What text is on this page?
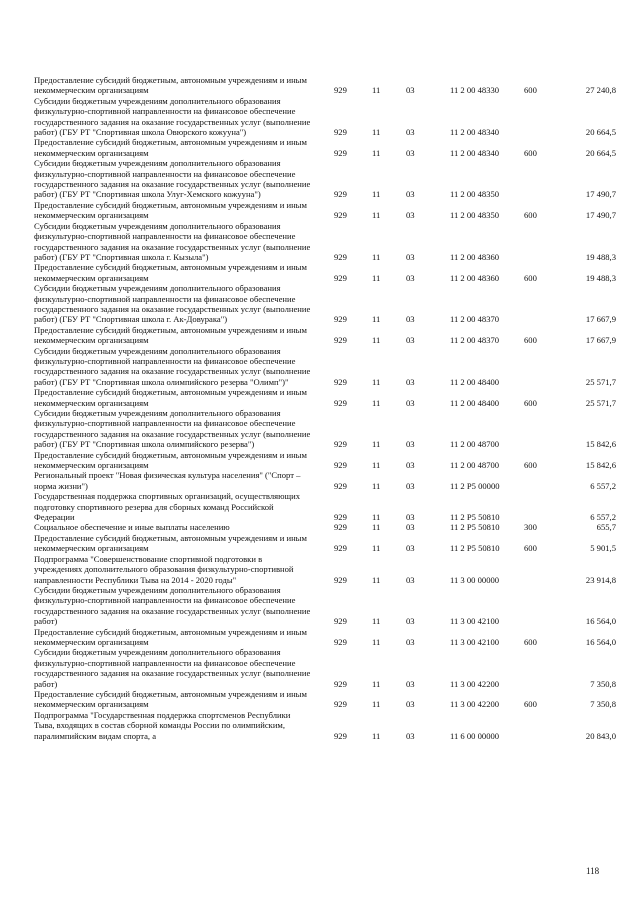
Предоставление субсидий бюджетным, автономным учреждениям и иным некоммерческим организациям	929	11	03	11 2 00 48330	600	27 240,8
Субсидии бюджетным учреждениям дополнительного образования физкультурно-спортивной направленности на финансовое обеспечение государственного задания на оказание государственных услуг (выполнение работ) (ГБУ РТ "Спортивная школа Овюрского кожууна")	929	11	03	11 2 00 48340		20 664,5
Предоставление субсидий бюджетным, автономным учреждениям и иным некоммерческим организациям	929	11	03	11 2 00 48340	600	20 664,5
Субсидии бюджетным учреждениям дополнительного образования физкультурно-спортивной направленности на финансовое обеспечение государственного задания на оказание государственных услуг (выполнение работ) (ГБУ РТ "Спортивная школа Улуг-Хемского кожууна")	929	11	03	11 2 00 48350		17 490,7
Предоставление субсидий бюджетным, автономным учреждениям и иным некоммерческим организациям	929	11	03	11 2 00 48350	600	17 490,7
Субсидии бюджетным учреждениям дополнительного образования физкультурно-спортивной направленности на финансовое обеспечение государственного задания на оказание государственных услуг (выполнение работ) (ГБУ РТ "Спортивная школа г. Кызыла")	929	11	03	11 2 00 48360		19 488,3
Предоставление субсидий бюджетным, автономным учреждениям и иным некоммерческим организациям	929	11	03	11 2 00 48360	600	19 488,3
Субсидии бюджетным учреждениям дополнительного образования физкультурно-спортивной направленности на финансовое обеспечение государственного задания на оказание государственных услуг (выполнение работ) (ГБУ РТ "Спортивная школа г. Ак-Довурака")	929	11	03	11 2 00 48370		17 667,9
Предоставление субсидий бюджетным, автономным учреждениям и иным некоммерческим организациям	929	11	03	11 2 00 48370	600	17 667,9
Субсидии бюджетным учреждениям дополнительного образования физкультурно-спортивной направленности на финансовое обеспечение государственного задания на оказание государственных услуг (выполнение работ) (ГБУ РТ "Спортивная школа олимпийского резерва "Олимп")"	929	11	03	11 2 00 48400		25 571,7
Предоставление субсидий бюджетным, автономным учреждениям и иным некоммерческим организациям	929	11	03	11 2 00 48400	600	25 571,7
Субсидии бюджетным учреждениям дополнительного образования физкультурно-спортивной направленности на финансовое обеспечение государственного задания на оказание государственных услуг (выполнение работ) (ГБУ РТ "Спортивная школа олимпийского резерва")	929	11	03	11 2 00 48700		15 842,6
Предоставление субсидий бюджетным, автономным учреждениям и иным некоммерческим организациям	929	11	03	11 2 00 48700	600	15 842,6
Региональный проект "Новая физическая культура населения" ("Спорт –норма жизни")	929	11	03	11 2 P5 00000		6 557,2
Государственная поддержка спортивных организаций, осуществляющих подготовку спортивного резерва для сборных команд Российской Федерации	929	11	03	11 2 P5 50810		6 557,2
Социальное обеспечение и иные выплаты населению	929	11	03	11 2 P5 50810	300	655,7
Предоставление субсидий бюджетным, автономным учреждениям и иным некоммерческим организациям	929	11	03	11 2 P5 50810	600	5 901,5
Подпрограмма "Совершенствование спортивной подготовки в учреждениях дополнительного образования физкультурно-спортивной направленности Республики Тыва на 2014 - 2020 годы"	929	11	03	11 3 00 00000		23 914,8
Субсидии бюджетным учреждениям дополнительного образования физкультурно-спортивной направленности на финансовое обеспечение государственного задания на оказание государственных услуг (выполнение работ)	929	11	03	11 3 00 42100		16 564,0
Предоставление субсидий бюджетным, автономным учреждениям и иным некоммерческим организациям	929	11	03	11 3 00 42100	600	16 564,0
Субсидии бюджетным учреждениям дополнительного образования физкультурно-спортивной направленности на финансовое обеспечение государственного задания на оказание государственных услуг (выполнение работ)	929	11	03	11 3 00 42200		7 350,8
Предоставление субсидий бюджетным, автономным учреждениям и иным некоммерческим организациям	929	11	03	11 3 00 42200	600	7 350,8
Подпрограмма "Государственная поддержка спортсменов Республики Тыва, входящих в состав сборной команды России по олимпийским, паралимпийским видам спорта, а	929	11	03	11 6 00 00000		20 843,0
118
